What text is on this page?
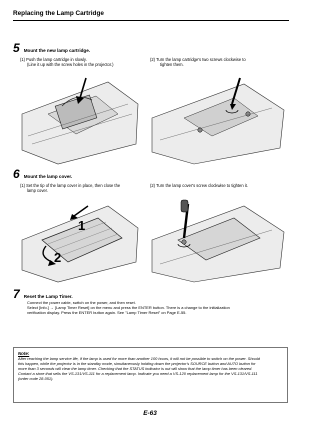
Replacing the Lamp Cartridge
5 Mount the new lamp cartridge.
(1) Push the lamp cartridge in slowly.
(Line it up with the screw holes in the projector.)
(2) Turn the lamp cartridge's two screws clockwise to
tighten them.
6 Mount the lamp cover.
(1) Set the tip of the lamp cover in place, then close the
lamp cover.
(2) Turn the lamp cover's screw clockwise to tighten it.
1
2
7 Reset the Lamp Timer.
Connect the power cable, switch on the power, and then reset.
Select [Info.] → [Lamp Timer Reset] on the menu and press the ENTER button. There is a change to the initialization
verification display. Press the ENTER button again. See "Lamp Timer Reset" on Page E-55.
Note:
After reaching the lamp service life, if the lamp is used for more than another 100 hours, it will not be possible to switch on the power. Should
this happen, while the projector is in the standby mode, simultaneously holding down the projector's SOURCE button and AUTO button for
more than 3 seconds will clear the lamp timer. Checking that the STATUS indicator is out will show that the lamp timer has been cleared.
Contact a store that sells the VS-131/VS-111 for a replacement lamp. Indicate you need a VS-120 replacement lamp for the VS-131/VS-111
(order code 28-051).
E-63
